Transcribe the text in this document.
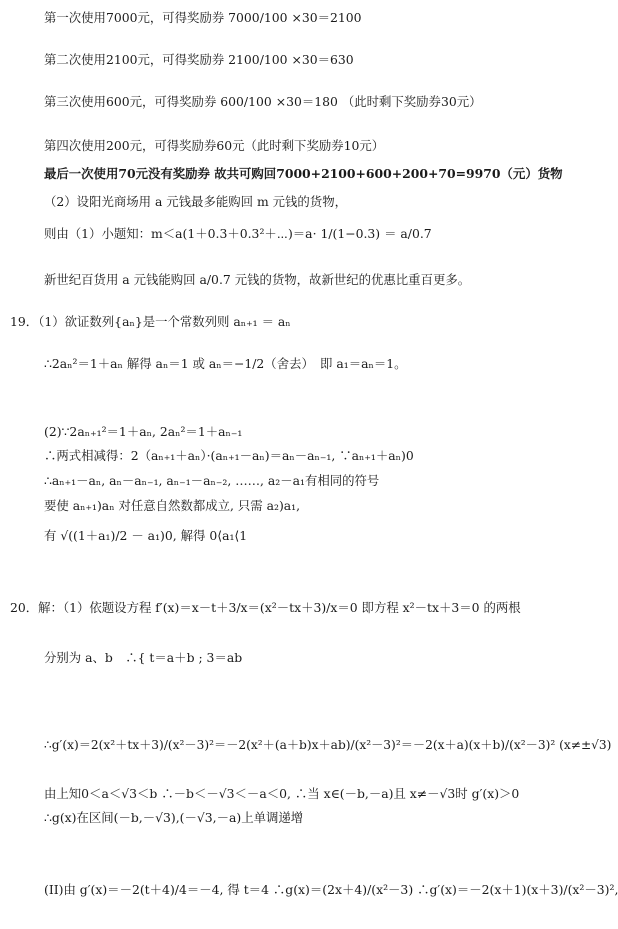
第一次使用7000元，可得奖励券 7000/100 ×30＝2100
第二次使用2100元，可得奖励券 2100/100 ×30＝630
第三次使用600元，可得奖励券 600/100 ×30＝180 （此时剩下奖励券30元）
第四次使用200元，可得奖励券60元（此时剩下奖励券10元）
最后一次使用70元没有奖励券 故共可购回7000+2100+600+200+70=9970（元）货物
（2）设阳光商场用 a 元钱最多能购回 m 元钱的货物，
则由（1）小题知：m＜a(1＋0.3＋0.3²＋⋯)＝a· 1/(1−0.3) ＝ a/0.7
新世纪百货用 a 元钱能购回 a/0.7 元钱的货物，故新世纪的优惠比重百更多。
19．（1）欲证数列{aₙ}是一个常数列则 aₙ₊₁ ＝ aₙ
∴2aₙ²＝1＋aₙ 解得 aₙ＝1 或 aₙ＝−1/2（舍去）　即 a₁＝aₙ＝1。
(2)∵2aₙ₊₁²＝1＋aₙ, 2aₙ²＝1＋aₙ₋₁
∴两式相减得：2（aₙ₊₁＋aₙ）·(aₙ₊₁－aₙ)＝aₙ－aₙ₋₁, ∵aₙ₊₁＋aₙ)0
∴aₙ₊₁－aₙ, aₙ－aₙ₋₁, aₙ₋₁－aₙ₋₂, ……, a₂－a₁有相同的符号
要使 aₙ₊₁)aₙ 对任意自然数都成立, 只需 a₂)a₁,
有 √((1＋a₁)/2 － a₁)0, 解得 0⟨a₁⟨1
20．解：（1）依题设方程 f′(x)＝x－t＋3/x＝(x²－tx＋3)/x＝0 即方程 x²－tx＋3＝0 的两根
分别为 a、b　∴{ t＝a＋b ; 3＝ab
∴g′(x)＝2(x²＋tx＋3)/(x²－3)²＝－2(x²＋(a＋b)x＋ab)/(x²－3)²＝－2(x＋a)(x＋b)/(x²－3)² (x≠±√3)
由上知0＜a＜√3＜b ∴－b＜－√3＜－a＜0, ∴当 x∈(－b,－a)且 x≠－√3时 g′(x)＞0
∴g(x)在区间(－b,－√3),(－√3,－a)上单调递增
(II)由 g′(x)＝－2(t＋4)/4＝－4, 得 t＝4 ∴g(x)＝(2x＋4)/(x²－3) ∴g′(x)＝－2(x＋1)(x＋3)/(x²－3)²,
